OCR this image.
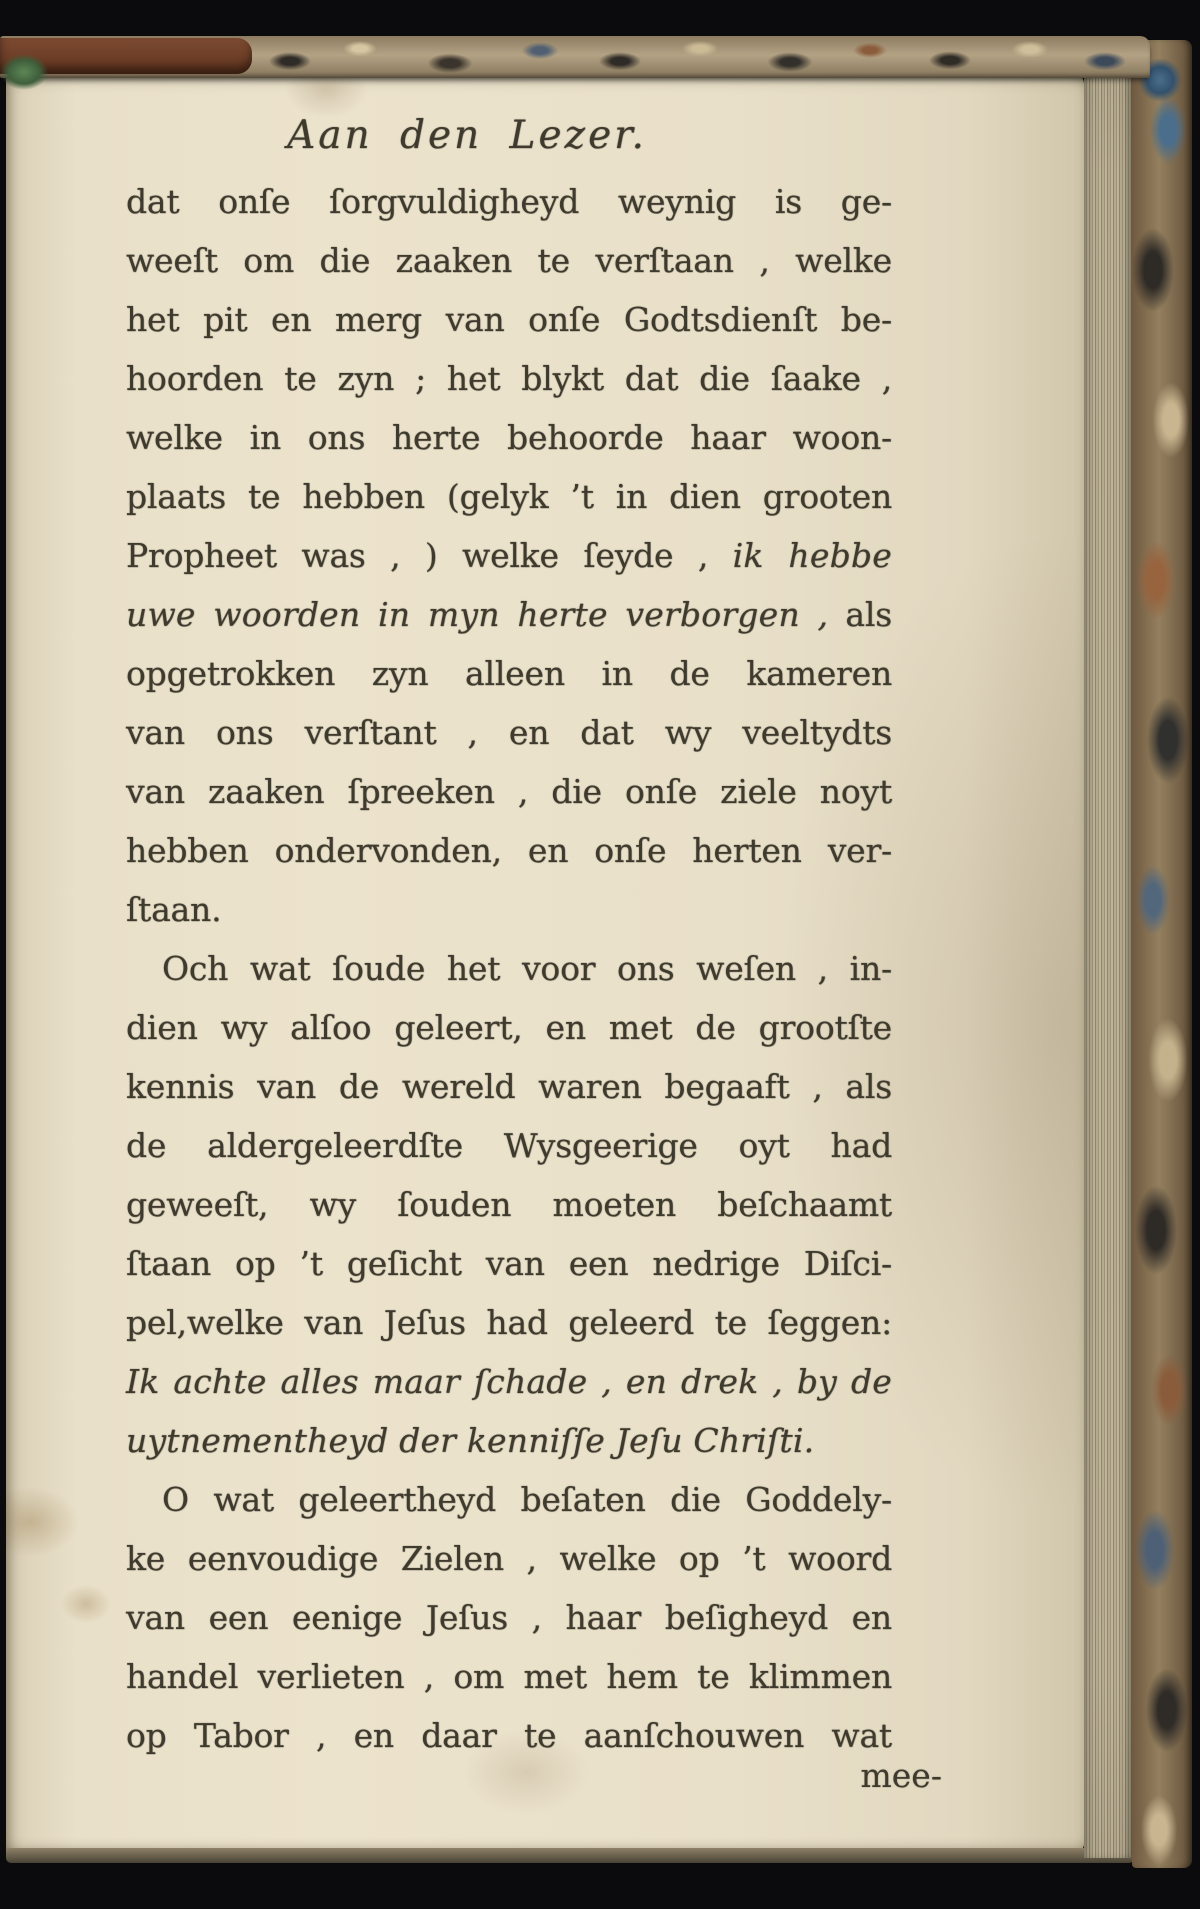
Aan den Lezer.
dat onſe ſorgvuldigheyd weynig is ge-
weeſt om die zaaken te verſtaan , welke
het pit en merg van onſe Godtsdienſt be-
hoorden te zyn ; het blykt dat die ſaake ,
welke in ons herte behoorde haar woon-
plaats te hebben (gelyk ’t in dien grooten
Propheet was , ) welke ſeyde , ik hebbe
uwe woorden in myn herte verborgen , als
opgetrokken zyn alleen in de kameren
van ons verſtant , en dat wy veeltydts
van zaaken ſpreeken , die onſe ziele noyt
hebben ondervonden, en onſe herten ver-
ſtaan.
Och wat ſoude het voor ons weſen , in-
dien wy alſoo geleert, en met de grootſte
kennis van de wereld waren begaaft , als
de aldergeleerdſte Wysgeerige oyt had
geweeſt, wy ſouden moeten beſchaamt
ſtaan op ’t geſicht van een nedrige Diſci-
pel,welke van Jeſus had geleerd te ſeggen:
Ik achte alles maar ſchade , en drek , by de
uytnementheyd der kenniſſe Jeſu Chriſti.
O wat geleertheyd beſaten die Goddely-
ke eenvoudige Zielen , welke op ’t woord
van een eenige Jeſus , haar beſigheyd en
handel verlieten , om met hem te klimmen
op Tabor , en daar te aanſchouwen wat
mee-
